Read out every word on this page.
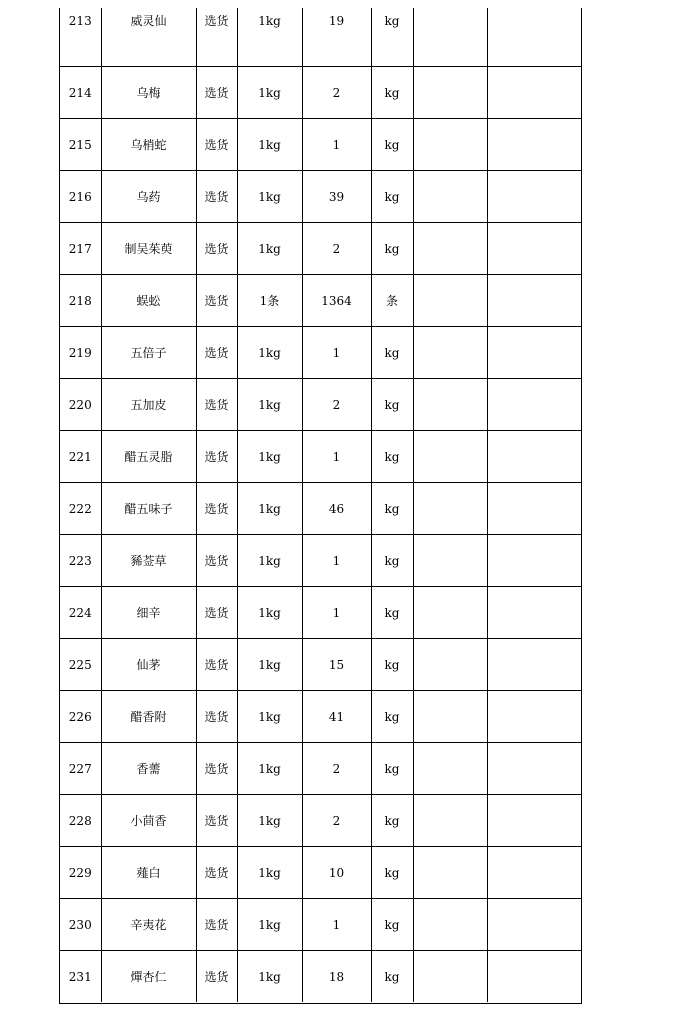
213	威灵仙	选货	1kg	19	kg		
214	乌梅	选货	1kg	2	kg		
215	乌梢蛇	选货	1kg	1	kg		
216	乌药	选货	1kg	39	kg		
217	制吴茱萸	选货	1kg	2	kg		
218	蜈蚣	选货	1条	1364	条		
219	五倍子	选货	1kg	1	kg		
220	五加皮	选货	1kg	2	kg		
221	醋五灵脂	选货	1kg	1	kg		
222	醋五味子	选货	1kg	46	kg		
223	豨莶草	选货	1kg	1	kg		
224	细辛	选货	1kg	1	kg		
225	仙茅	选货	1kg	15	kg		
226	醋香附	选货	1kg	41	kg		
227	香薷	选货	1kg	2	kg		
228	小茴香	选货	1kg	2	kg		
229	薤白	选货	1kg	10	kg		
230	辛夷花	选货	1kg	1	kg		
231	燀杏仁	选货	1kg	18	kg		
